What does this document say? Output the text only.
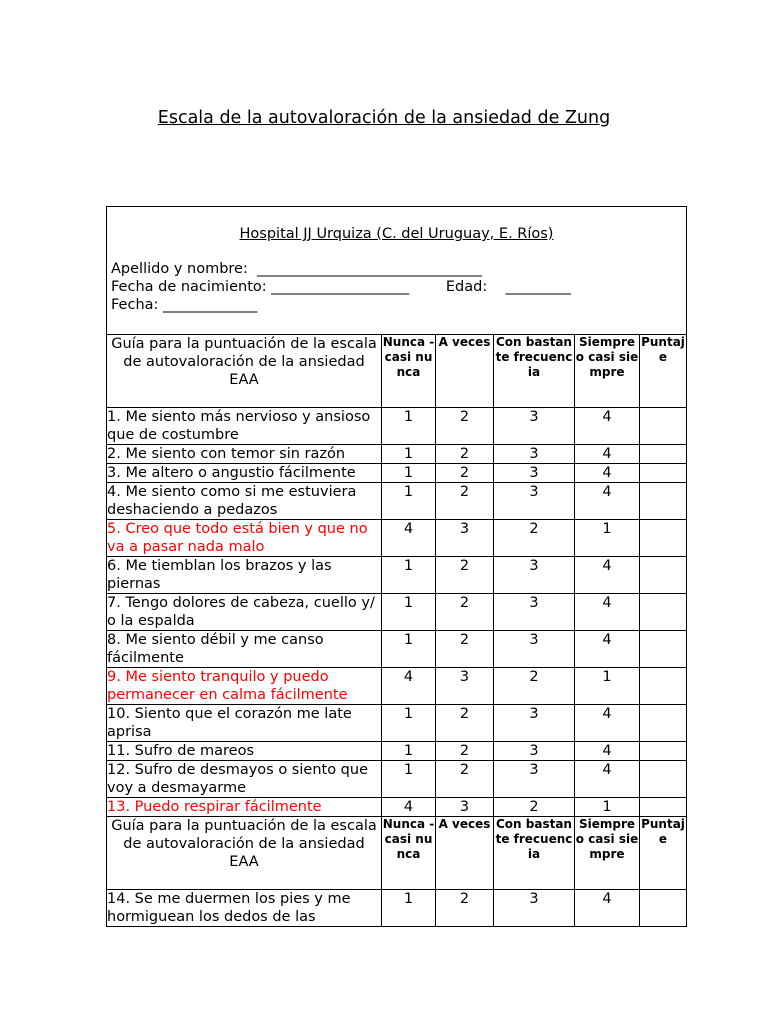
Escala de la autovaloración de la ansiedad de Zung
Hospital JJ Urquiza (C. del Uruguay, E. Ríos)
Apellido y nombre:  _______________________________
Fecha de nacimiento: ___________________        Edad:    _________
Fecha: _____________					

Guía para la puntuación de la escala de autovaloración de la ansiedad EAA	Nunca - casi nunca	A veces	Con bastante frecuencia	Siempre o casi siempre	Puntaje
1. Me siento más nervioso y ansioso que de costumbre	1	2	3	4	
2. Me siento con temor sin razón	1	2	3	4	
3. Me altero o angustio fácilmente	1	2	3	4	
4. Me siento como si me estuviera deshaciendo a pedazos	1	2	3	4	
5. Creo que todo está bien y que no va a pasar nada malo	4	3	2	1	
6. Me tiemblan los brazos y las piernas	1	2	3	4	
7. Tengo dolores de cabeza, cuello y/ o la espalda	1	2	3	4	
8. Me siento débil y me canso fácilmente	1	2	3	4	
9. Me siento tranquilo y puedo permanecer en calma fácilmente	4	3	2	1	
10. Siento que el corazón me late aprisa	1	2	3	4	
11. Sufro de mareos	1	2	3	4	
12. Sufro de desmayos o siento que voy a desmayarme	1	2	3	4	
13. Puedo respirar fácilmente	4	3	2	1	
Guía para la puntuación de la escala de autovaloración de la ansiedad EAA	Nunca - casi nunca	A veces	Con bastante frecuencia	Siempre o casi siempre	Puntaje
14. Se me duermen los pies y me hormiguean los dedos de las	1	2	3	4	
